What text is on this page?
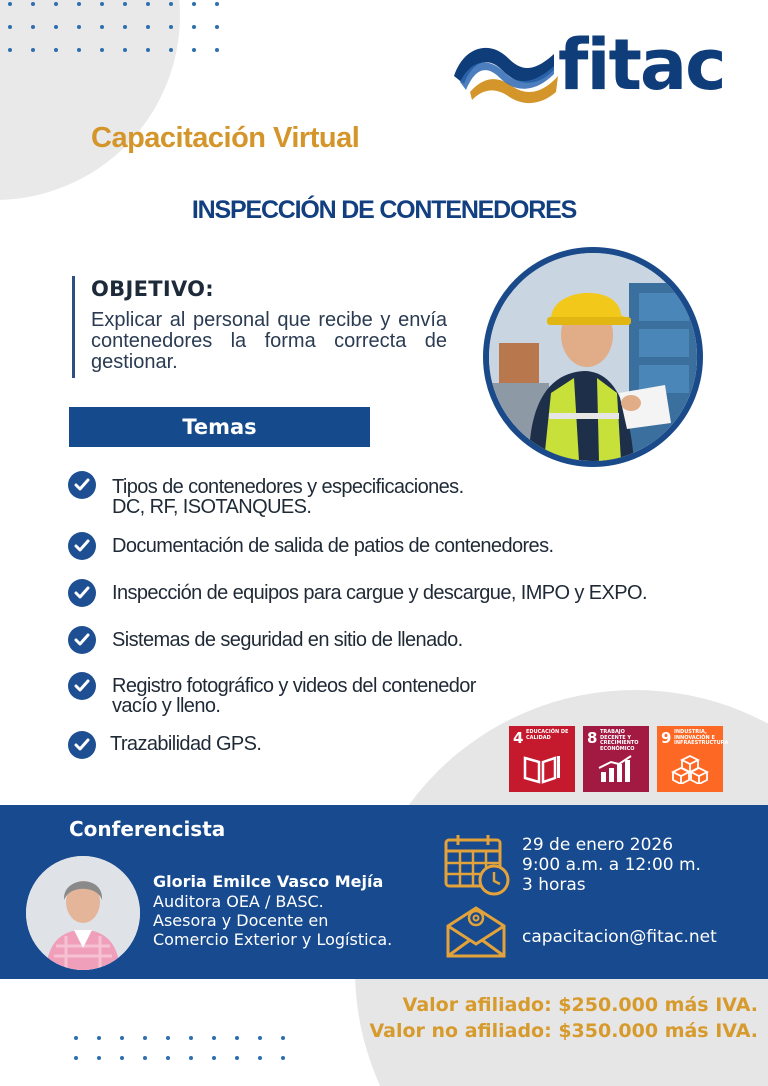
fitac
Capacitación Virtual
INSPECCIÓN DE CONTENEDORES
OBJETIVO:
Explicar al personal que recibe y envía contenedores la forma correcta de gestionar.
Temas
Tipos de contenedores y especificaciones.
DC, RF, ISOTANQUES.
Documentación de salida de patios de contenedores.
Inspección de equipos para cargue y descargue, IMPO y EXPO.
Sistemas de seguridad en sitio de llenado.
Registro fotográfico y videos del contenedor
vacío y lleno.
Trazabilidad GPS.	4 EDUCACIÓN DE CALIDAD	8 TRABAJO DECENTE Y CRECIMIENTO ECONÓMICO
9 INDUSTRIA, INNOVACIÓN E INFRAESTRUCTURA
Conferencista
Gloria Emilce Vasco Mejía
Auditora OEA / BASC.
Asesora y Docente en
Comercio Exterior y Logística.
29 de enero 2026
9:00 a.m. a 12:00 m.
3 horas
capacitacion@fitac.net
Valor afiliado: $250.000 más IVA.
Valor no afiliado: $350.000 más IVA.
